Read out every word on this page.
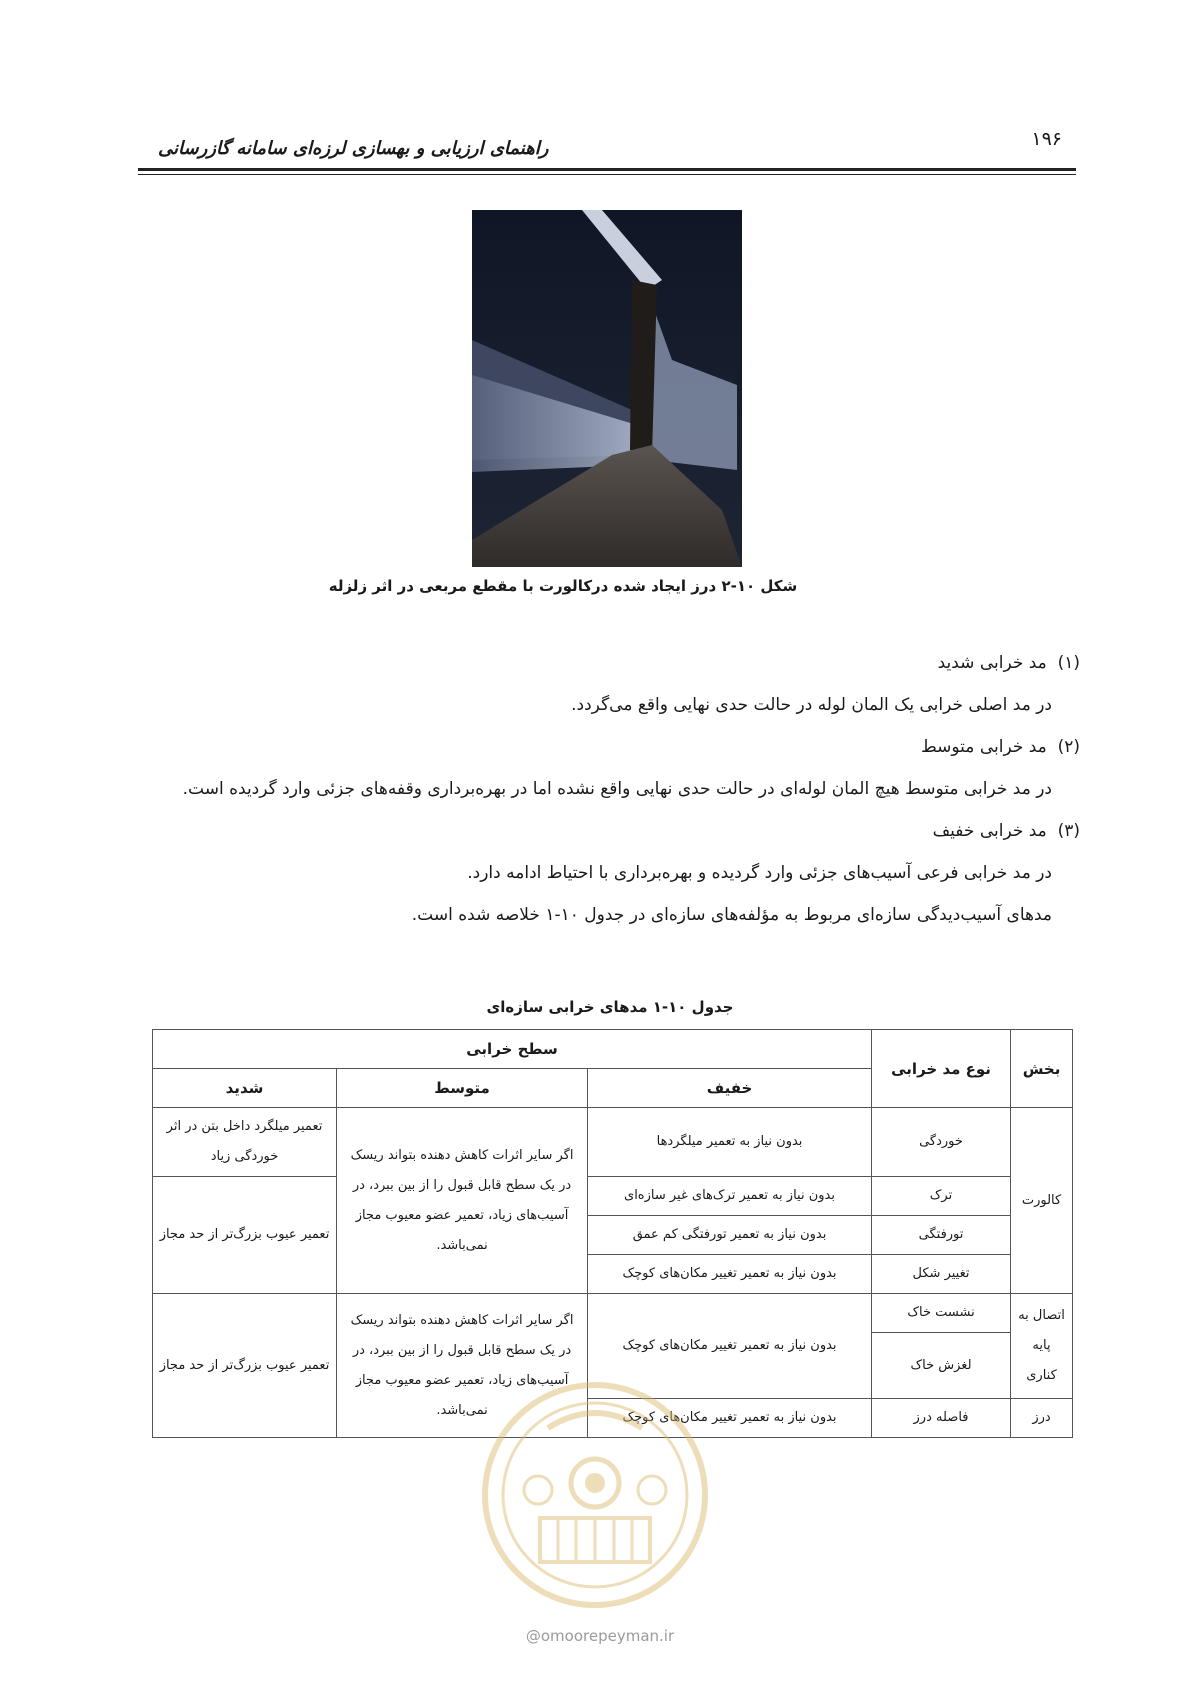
۱۹۶
راهنمای ارزیابی و بهسازی لرزه‌ای سامانه گازرسانی
شکل ۱۰-۲ درز ایجاد شده درکالورت با مقطع مربعی در اثر زلزله
(۱)  مد خرابی شدید
در مد اصلی خرابی یک المان لوله در حالت حدی نهایی واقع می‌گردد.
(۲)  مد خرابی متوسط
در مد خرابی متوسط هیچ المان لوله‌ای در حالت حدی نهایی واقع نشده اما در بهره‌برداری وقفه‌های جزئی وارد گردیده است.
(۳)  مد خرابی خفیف
در مد خرابی فرعی آسیب‌های جزئی وارد گردیده و بهره‌برداری با احتیاط ادامه دارد.
مدهای آسیب‌دیدگی سازه‌ای مربوط به مؤلفه‌های سازه‌ای در جدول ۱۰-۱ خلاصه شده است.
جدول ۱۰-۱ مدهای خرابی سازه‌ای
بخش	نوع مد خرابی	سطح خرابی		
		خفیف	متوسط	شدید
کالورت	خوردگی	بدون نیاز به تعمیر میلگردها	اگر سایر اثرات کاهش دهنده بتواند ریسک در یک سطح قابل قبول را از بین ببرد، در آسیب‌های زیاد، تعمیر عضو معیوب مجاز نمی‌باشد.	تعمیر میلگرد داخل بتن در اثر خوردگی زیاد
	ترک	بدون نیاز به تعمیر ترک‌های غیر سازه‌ای		تعمیر عیوب بزرگ‌تر از حد مجاز
	تورفتگی	بدون نیاز به تعمیر تورفتگی کم عمق		
	تغییر شکل	بدون نیاز به تعمیر تغییر مکان‌های کوچک		
اتصال به پایه کناری	نشست خاک	بدون نیاز به تعمیر تغییر مکان‌های کوچک	اگر سایر اثرات کاهش دهنده بتواند ریسک در یک سطح قابل قبول را از بین ببرد، در آسیب‌های زیاد، تعمیر عضو معیوب مجاز نمی‌باشد.	تعمیر عیوب بزرگ‌تر از حد مجاز
	لغزش خاک			
درز	فاصله درز	بدون نیاز به تعمیر تغییر مکان‌های کوچک		
@omoorepeyman.ir
